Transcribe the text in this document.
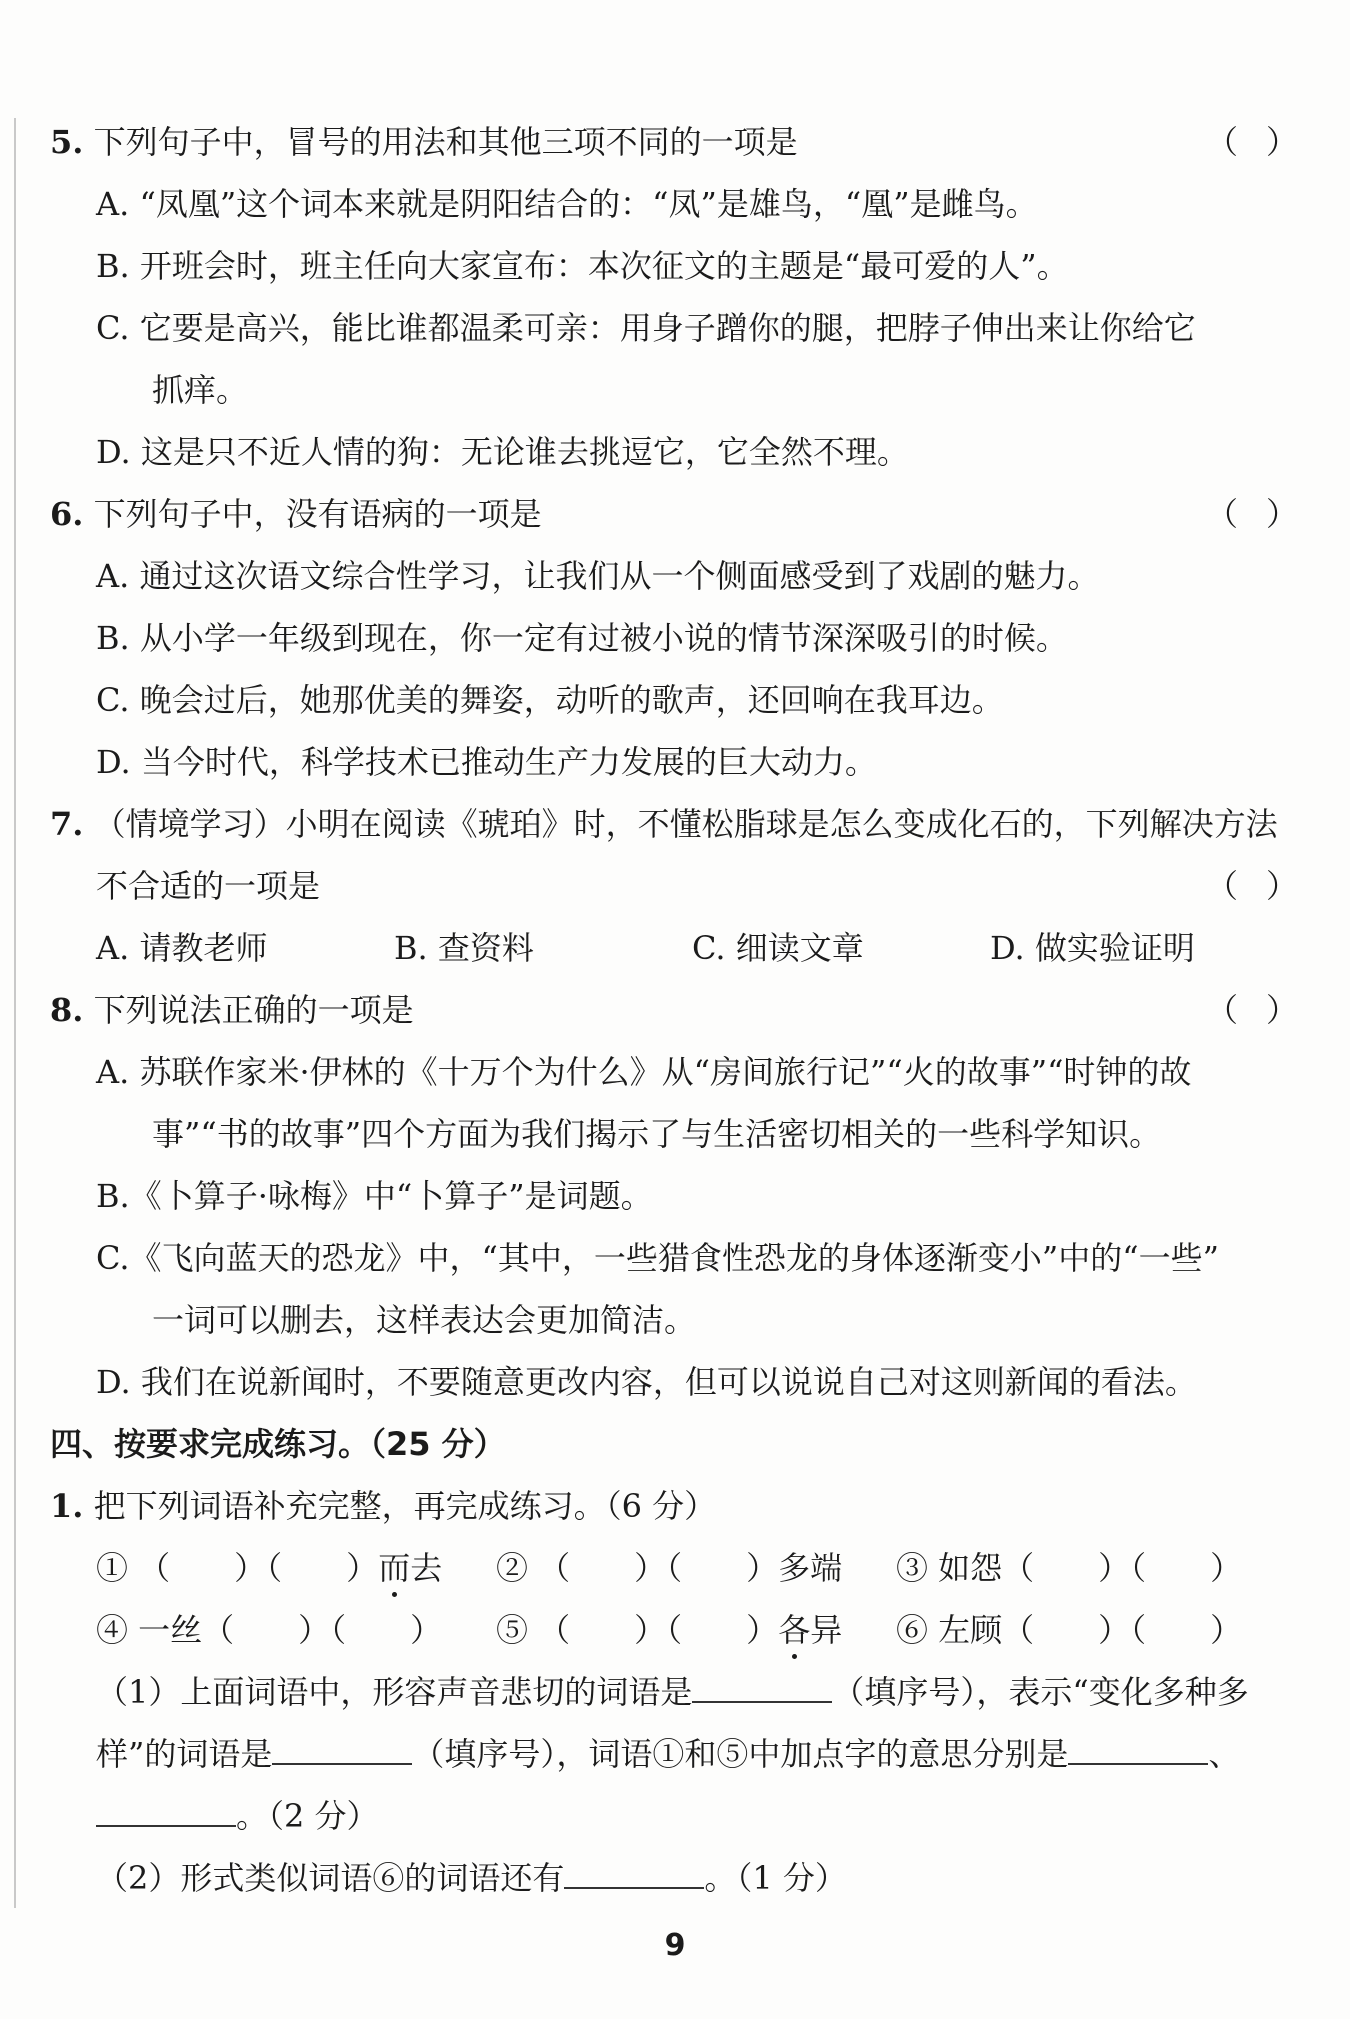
5. 下列句子中，冒号的用法和其他三项不同的一项是	（ ）
A. “凤凰”这个词本来就是阴阳结合的：“凤”是雄鸟，“凰”是雌鸟。
B. 开班会时，班主任向大家宣布：本次征文的主题是“最可爱的人”。
C. 它要是高兴，能比谁都温柔可亲：用身子蹭你的腿，把脖子伸出来让你给它
抓痒。
D. 这是只不近人情的狗：无论谁去挑逗它，它全然不理。
6. 下列句子中，没有语病的一项是	（ ）
A. 通过这次语文综合性学习，让我们从一个侧面感受到了戏剧的魅力。
B. 从小学一年级到现在，你一定有过被小说的情节深深吸引的时候。
C. 晚会过后，她那优美的舞姿，动听的歌声，还回响在我耳边。
D. 当今时代，科学技术已推动生产力发展的巨大动力。
7. （情境学习）小明在阅读《琥珀》时，不懂松脂球是怎么变成化石的，下列解决方法
不合适的一项是	（ ）
A. 请教老师	B. 查资料	C. 细读文章	D. 做实验证明
8. 下列说法正确的一项是	（ ）
A. 苏联作家米·伊林的《十万个为什么》从“房间旅行记”“火的故事”“时钟的故
事”“书的故事”四个方面为我们揭示了与生活密切相关的一些科学知识。
B.《卜算子·咏梅》中“卜算子”是词题。
C.《飞向蓝天的恐龙》中，“其中，一些猎食性恐龙的身体逐渐变小”中的“一些”
一词可以删去，这样表达会更加简洁。
D. 我们在说新闻时，不要随意更改内容，但可以说说自己对这则新闻的看法。
四、按要求完成练习。（25 分）
1. 把下列词语补充完整，再完成练习。（6 分）
① （　　）（　　）而去 ② （　　）（　　）多端 ③ 如怨（　　）（　　）
④ 一丝（　　）（　　） ⑤ （　　）（　　）各异 ⑥ 左顾（　　）（　　）
（1）上面词语中，形容声音悲切的词语是	（填序号），表示“变化多种多
样”的词语是	（填序号），词语①和⑤中加点字的意思分别是	、
。（2 分）
（2）形式类似词语⑥的词语还有	。（1 分）
9
